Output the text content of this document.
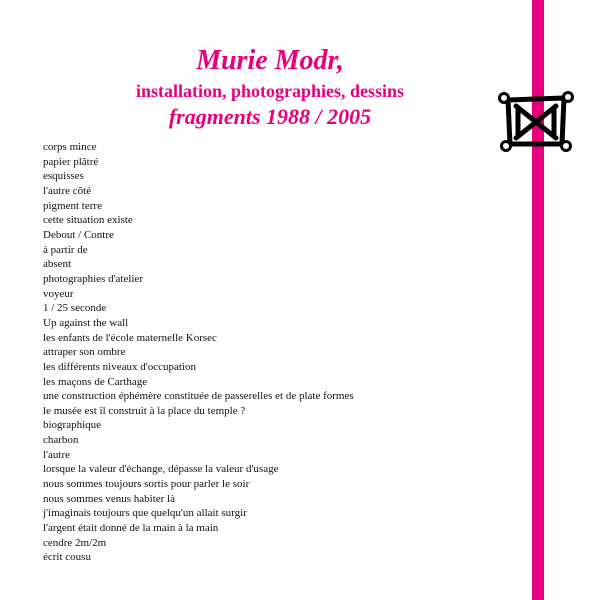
Murie Modr,

installation, photographies, dessins

fragments 1988 / 2005

corps mince
papier plâtré
esquisses
l'autre côté
pigment terre
cette situation existe
Debout / Contre
à partir de
absent
photographies d'atelier
voyeur
1 / 25 seconde
Up against the wall
les enfants de l'école maternelle Korsec
attraper son ombre
les différents niveaux d'occupation
les maçons de Carthage
une construction éphémère constituée de passerelles et de plate formes
le musée est il construit à la place du temple ?
biographique
charbon
l'autre
lorsque la valeur d'échange, dépasse la valeur d'usage
nous sommes toujours sortis pour parler le soir
nous sommes venus habiter là
j'imaginais toujours que quelqu'un allait surgir
l'argent était donné de la main à la main
cendre 2m/2m
écrit cousu
